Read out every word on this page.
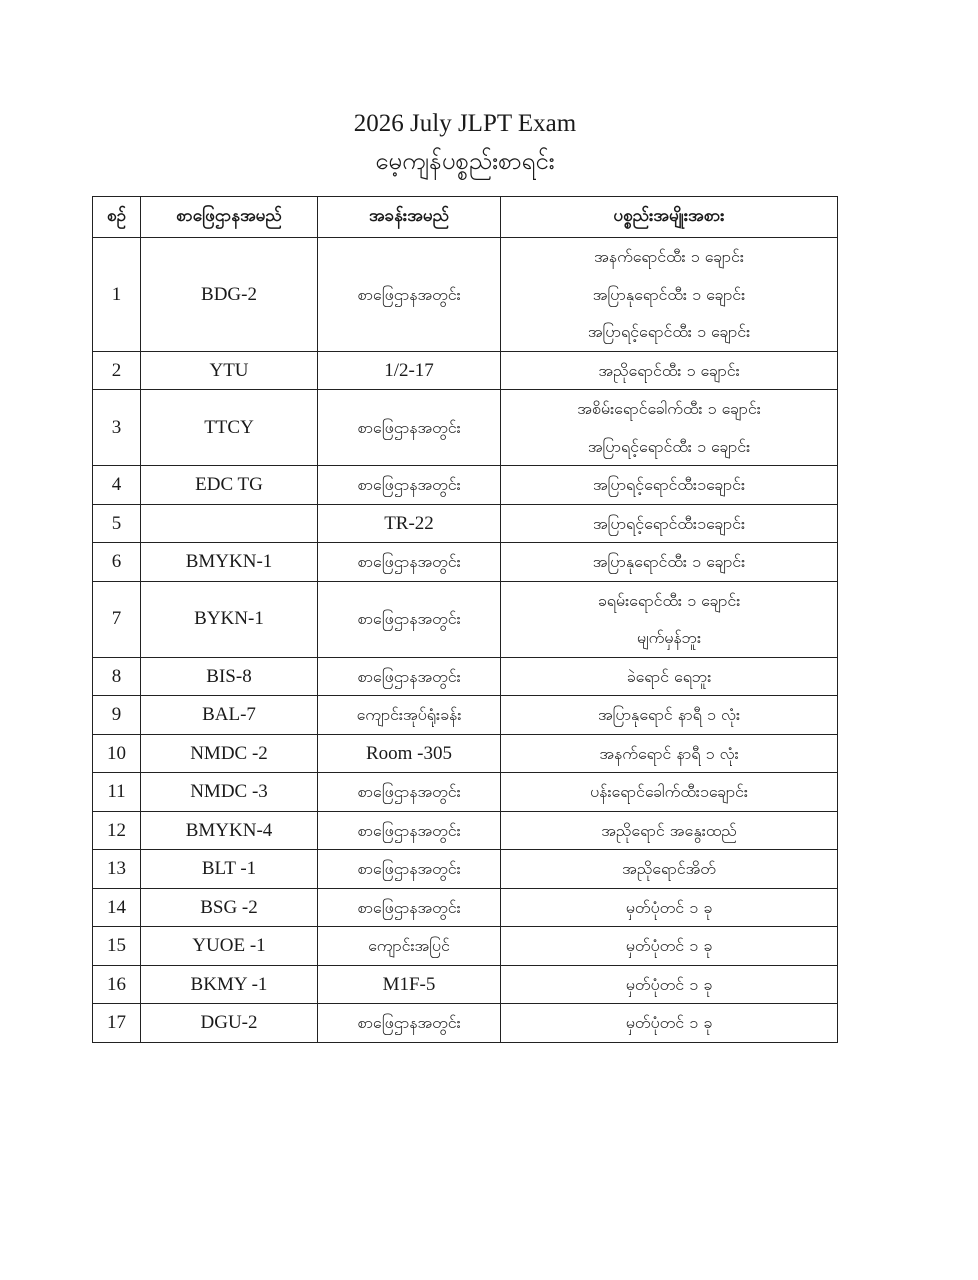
2026 July JLPT Exam
မေ့ကျန်ပစ္စည်းစာရင်း
စဉ်	စာဖြေဌာနအမည်	အခန်းအမည်	ပစ္စည်းအမျိုးအစား

1	BDG-2	စာဖြေဌာနအတွင်း	အနက်ရောင်ထီး ၁ ချောင်း
အပြာနုရောင်ထီး ၁ ချောင်း
အပြာရင့်ရောင်ထီး ၁ ချောင်း

2	YTU	1/2-17	အညိုရောင်ထီး ၁ ချောင်း

3	TTCY	စာဖြေဌာနအတွင်း	အစိမ်းရောင်ခေါက်ထီး ၁ ချောင်း
အပြာရင့်ရောင်ထီး ၁ ချောင်း

4	EDC TG	စာဖြေဌာနအတွင်း	အပြာရင့်ရောင်ထီး၁ချောင်း

5		TR-22	အပြာရင့်ရောင်ထီး၁ချောင်း

6	BMYKN-1	စာဖြေဌာနအတွင်း	အပြာနုရောင်ထီး ၁ ချောင်း

7	BYKN-1	စာဖြေဌာနအတွင်း	ခရမ်းရောင်ထီး ၁ ချောင်း
မျက်မှန်ဘူး

8	BIS-8	စာဖြေဌာနအတွင်း	ခဲရောင် ရေဘူး

9	BAL-7	ကျောင်းအုပ်ရုံးခန်း	အပြာနုရောင် နာရီ ၁ လုံး

10	NMDC -2	Room -305	အနက်ရောင် နာရီ ၁ လုံး

11	NMDC -3	စာဖြေဌာနအတွင်း	ပန်းရောင်ခေါက်ထီး၁ချောင်း

12	BMYKN-4	စာဖြေဌာနအတွင်း	အညိုရောင် အနွေးထည်

13	BLT -1	စာဖြေဌာနအတွင်း	အညိုရောင်အိတ်

14	BSG -2	စာဖြေဌာနအတွင်း	မှတ်ပုံတင် ၁ ခု

15	YUOE -1	ကျောင်းအပြင်	မှတ်ပုံတင် ၁ ခု

16	BKMY -1	M1F-5	မှတ်ပုံတင် ၁ ခု

17	DGU-2	စာဖြေဌာနအတွင်း	မှတ်ပုံတင် ၁ ခု
